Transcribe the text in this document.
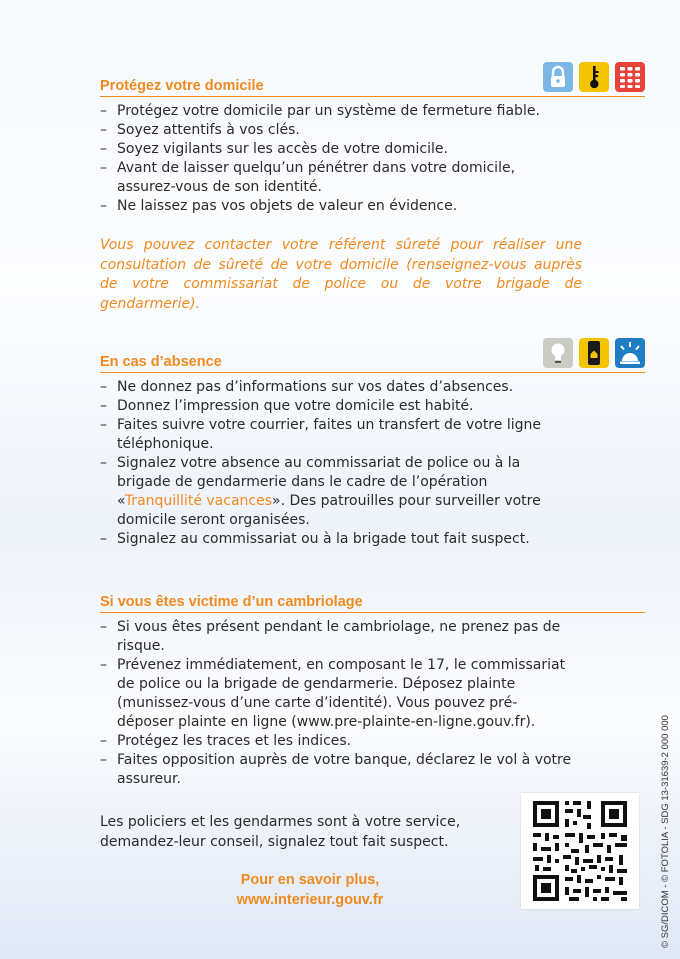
Protégez votre domicile
– Protégez votre domicile par un système de fermeture fiable.
– Soyez attentifs à vos clés.
– Soyez vigilants sur les accès de votre domicile.
– Avant de laisser quelqu’un pénétrer dans votre domicile, assurez-vous de son identité.
– Ne laissez pas vos objets de valeur en évidence.
Vous pouvez contacter votre référent sûreté pour réaliser une consultation de sûreté de votre domicile (renseignez-vous auprès de votre commissariat de police ou de votre brigade de gendarmerie).
En cas d’absence
– Ne donnez pas d’informations sur vos dates d’absences.
– Donnez l’impression que votre domicile est habité.
– Faites suivre votre courrier, faites un transfert de votre ligne téléphonique.
– Signalez votre absence au commissariat de police ou à la brigade de gendarmerie dans le cadre de l’opération «Tranquillité vacances». Des patrouilles pour surveiller votre domicile seront organisées.
– Signalez au commissariat ou à la brigade tout fait suspect.
Si vous êtes victime d’un cambriolage
– Si vous êtes présent pendant le cambriolage, ne prenez pas de risque.
– Prévenez immédiatement, en composant le 17, le commissariat de police ou la brigade de gendarmerie. Déposez plainte (munissez-vous d’une carte d’identité). Vous pouvez pré-déposer plainte en ligne (www.pre-plainte-en-ligne.gouv.fr).
– Protégez les traces et les indices.
– Faites opposition auprès de votre banque, déclarez le vol à votre assureur.
Les policiers et les gendarmes sont à votre service, demandez-leur conseil, signalez tout fait suspect.
Pour en savoir plus,
www.interieur.gouv.fr	© SG/DICOM - © FOTOLIA - SDG 13-31639-2 000 000
